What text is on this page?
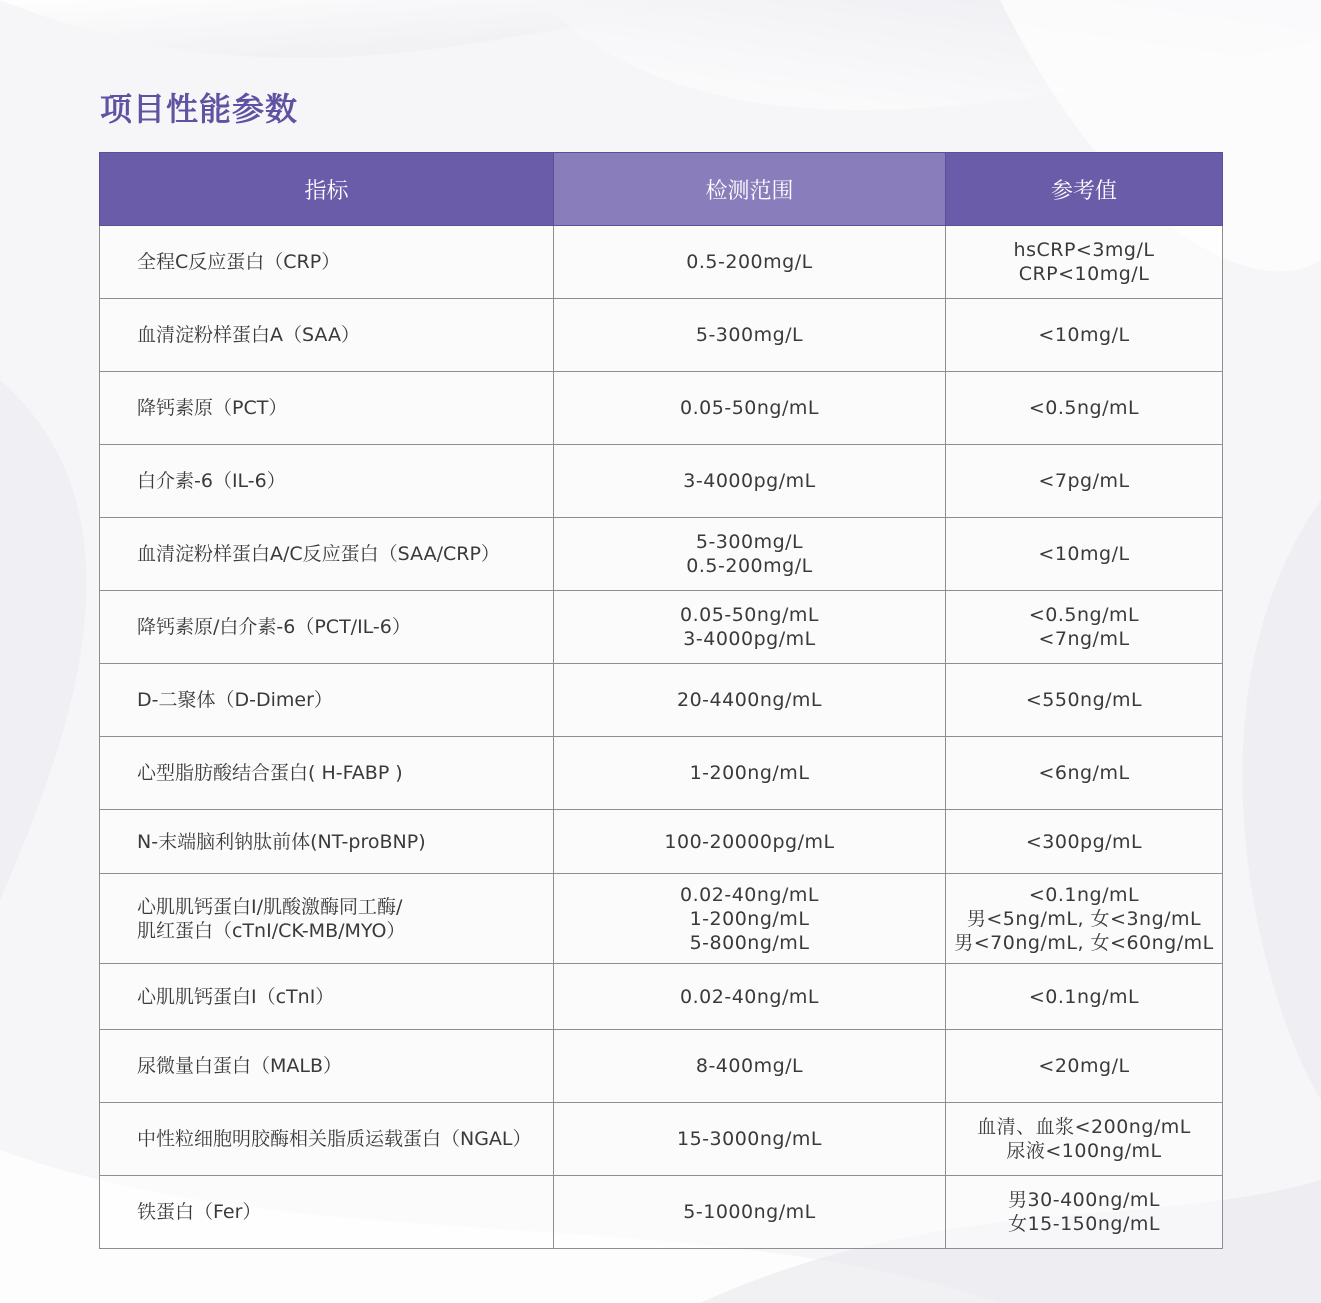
项目性能参数
指标	检测范围	参考值

全程C反应蛋白（CRP）	0.5-200mg/L	hsCRP<3mg/L
CRP<10mg/L

血清淀粉样蛋白A（SAA）	5-300mg/L	<10mg/L

降钙素原（PCT）	0.05-50ng/mL	<0.5ng/mL

白介素-6（IL-6）	3-4000pg/mL	<7pg/mL

血清淀粉样蛋白A/C反应蛋白（SAA/CRP）	5-300mg/L
0.5-200mg/L	<10mg/L

降钙素原/白介素-6（PCT/IL-6）	0.05-50ng/mL
3-4000pg/mL	<0.5ng/mL
<7ng/mL

D-二聚体（D-Dimer）	20-4400ng/mL	<550ng/mL

心型脂肪酸结合蛋白( H-FABP )	1-200ng/mL	<6ng/mL

N-末端脑利钠肽前体(NT-proBNP)	100-20000pg/mL	<300pg/mL

心肌肌钙蛋白I/肌酸激酶同工酶/
肌红蛋白（cTnI/CK-MB/MYO）	0.02-40ng/mL
1-200ng/mL
5-800ng/mL	<0.1ng/mL
男<5ng/mL, 女<3ng/mL
男<70ng/mL, 女<60ng/mL

心肌肌钙蛋白I（cTnI）	0.02-40ng/mL	<0.1ng/mL

尿微量白蛋白（MALB）	8-400mg/L	<20mg/L

中性粒细胞明胶酶相关脂质运载蛋白（NGAL）	15-3000ng/mL	血清、血浆<200ng/mL
尿液<100ng/mL

铁蛋白（Fer）	5-1000ng/mL	男30-400ng/mL
女15-150ng/mL
